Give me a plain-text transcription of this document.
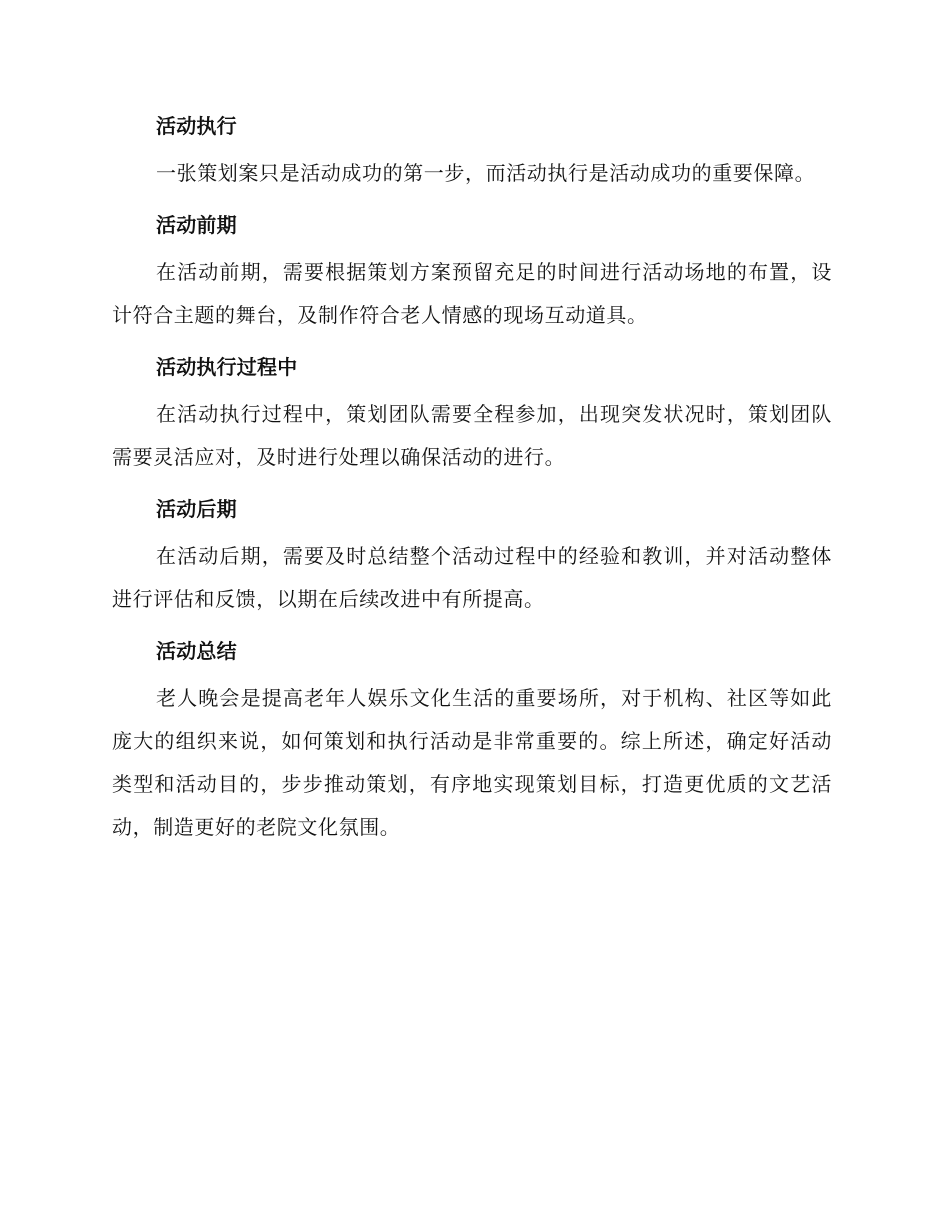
活动执行

一张策划案只是活动成功的第一步，而活动执行是活动成功的重要保障。

活动前期

在活动前期，需要根据策划方案预留充足的时间进行活动场地的布置，设计符合主题的舞台，及制作符合老人情感的现场互动道具。

活动执行过程中

在活动执行过程中，策划团队需要全程参加，出现突发状况时，策划团队需要灵活应对，及时进行处理以确保活动的进行。

活动后期

在活动后期，需要及时总结整个活动过程中的经验和教训，并对活动整体进行评估和反馈，以期在后续改进中有所提高。

活动总结

老人晚会是提高老年人娱乐文化生活的重要场所，对于机构、社区等如此庞大的组织来说，如何策划和执行活动是非常重要的。综上所述，确定好活动类型和活动目的，步步推动策划，有序地实现策划目标，打造更优质的文艺活动，制造更好的老院文化氛围。
